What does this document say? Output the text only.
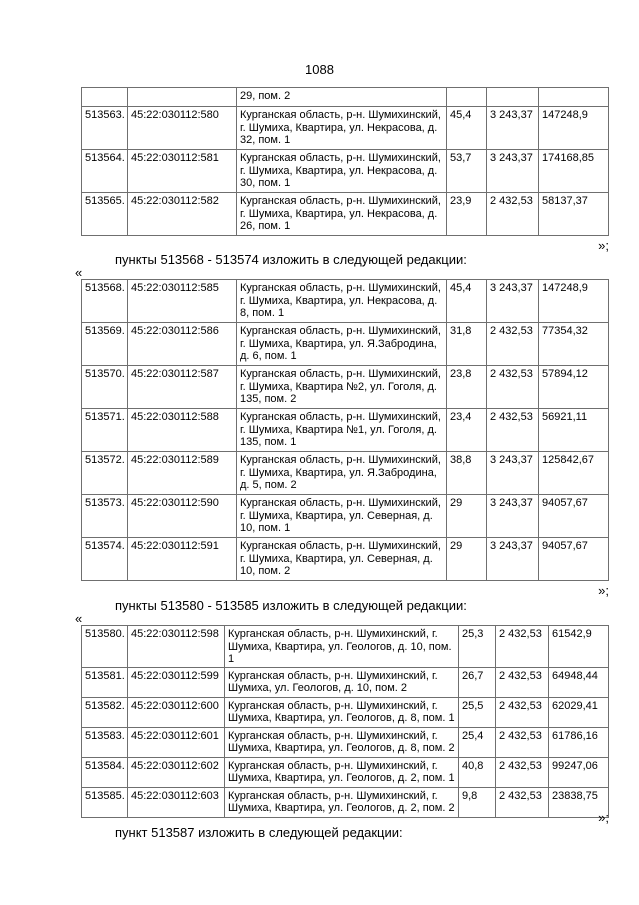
1088
		29, пом. 2			
513563.	45:22:030112:580	Курганская область, р-н. Шумихинский, г. Шумиха, Квартира, ул. Некрасова, д. 32, пом. 1	45,4	3 243,37	147248,9
513564.	45:22:030112:581	Курганская область, р-н. Шумихинский, г. Шумиха, Квартира, ул. Некрасова, д. 30, пом. 1	53,7	3 243,37	174168,85
513565.	45:22:030112:582	Курганская область, р-н. Шумихинский, г. Шумиха, Квартира, ул. Некрасова, д. 26, пом. 1	23,9	2 432,53	58137,37
»;
пункты 513568 - 513574 изложить в следующей редакции:
«
513568.	45:22:030112:585	Курганская область, р-н. Шумихинский, г. Шумиха, Квартира, ул. Некрасова, д. 8, пом. 1	45,4	3 243,37	147248,9
513569.	45:22:030112:586	Курганская область, р-н. Шумихинский, г. Шумиха, Квартира, ул. Я.Забродина, д. 6, пом. 1	31,8	2 432,53	77354,32
513570.	45:22:030112:587	Курганская область, р-н. Шумихинский, г. Шумиха, Квартира №2, ул. Гоголя, д. 135, пом. 2	23,8	2 432,53	57894,12
513571.	45:22:030112:588	Курганская область, р-н. Шумихинский, г. Шумиха, Квартира №1, ул. Гоголя, д. 135, пом. 1	23,4	2 432,53	56921,11
513572.	45:22:030112:589	Курганская область, р-н. Шумихинский, г. Шумиха, Квартира, ул. Я.Забродина, д. 5, пом. 2	38,8	3 243,37	125842,67
513573.	45:22:030112:590	Курганская область, р-н. Шумихинский, г. Шумиха, Квартира, ул. Северная, д. 10, пом. 1	29	3 243,37	94057,67
513574.	45:22:030112:591	Курганская область, р-н. Шумихинский, г. Шумиха, Квартира, ул. Северная, д. 10, пом. 2	29	3 243,37	94057,67
»;
пункты 513580 - 513585 изложить в следующей редакции:
«
513580.	45:22:030112:598	Курганская область, р-н. Шумихинский, г. Шумиха, Квартира, ул. Геологов, д. 10, пом. 1	25,3	2 432,53	61542,9
513581.	45:22:030112:599	Курганская область, р-н. Шумихинский, г. Шумиха, ул. Геологов, д. 10, пом. 2	26,7	2 432,53	64948,44
513582.	45:22:030112:600	Курганская область, р-н. Шумихинский, г. Шумиха, Квартира, ул. Геологов, д. 8, пом. 1	25,5	2 432,53	62029,41
513583.	45:22:030112:601	Курганская область, р-н. Шумихинский, г. Шумиха, Квартира, ул. Геологов, д. 8, пом. 2	25,4	2 432,53	61786,16
513584.	45:22:030112:602	Курганская область, р-н. Шумихинский, г. Шумиха, Квартира, ул. Геологов, д. 2, пом. 1	40,8	2 432,53	99247,06
513585.	45:22:030112:603	Курганская область, р-н. Шумихинский, г. Шумиха, Квартира, ул. Геологов, д. 2, пом. 2	9,8	2 432,53	23838,75
»;
пункт 513587 изложить в следующей редакции:
